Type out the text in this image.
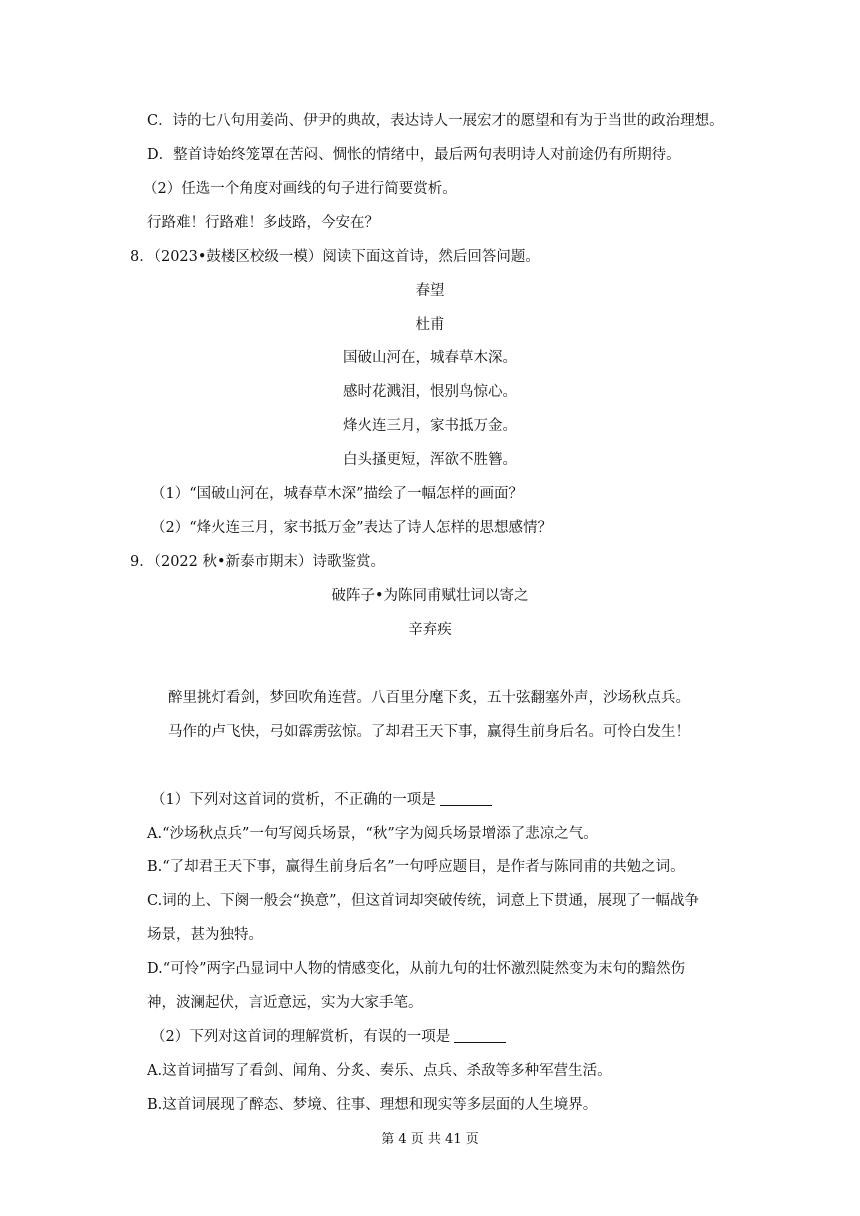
C．诗的七八句用姜尚、伊尹的典故，表达诗人一展宏才的愿望和有为于当世的政治理想。
D．整首诗始终笼罩在苦闷、惆怅的情绪中，最后两句表明诗人对前途仍有所期待。
（2）任选一个角度对画线的句子进行简要赏析。
行路难！行路难！多歧路，今安在？
8．（2023•鼓楼区校级一模）阅读下面这首诗，然后回答问题。
春望
杜甫
国破山河在，城春草木深。
感时花溅泪，恨别鸟惊心。
烽火连三月，家书抵万金。
白头搔更短，浑欲不胜簪。
（1）“国破山河在，城春草木深”描绘了一幅怎样的画面？
（2）“烽火连三月，家书抵万金”表达了诗人怎样的思想感情？
9．（2022 秋•新泰市期末）诗歌鉴赏。
破阵子•为陈同甫赋壮词以寄之
辛弃疾
醉里挑灯看剑，梦回吹角连营。八百里分麾下炙，五十弦翻塞外声，沙场秋点兵。
马作的卢飞快，弓如霹雳弦惊。了却君王天下事，赢得生前身后名。可怜白发生！
（1）下列对这首词的赏析，不正确的一项是
A.“沙场秋点兵”一句写阅兵场景，“秋”字为阅兵场景增添了悲凉之气。
B.“了却君王天下事，赢得生前身后名”一句呼应题目，是作者与陈同甫的共勉之词。
C.词的上、下阕一般会“换意”，但这首词却突破传统，词意上下贯通，展现了一幅战争
场景，甚为独特。
D.“可怜”两字凸显词中人物的情感变化，从前九句的壮怀激烈陡然变为末句的黯然伤
神，波澜起伏，言近意远，实为大家手笔。
（2）下列对这首词的理解赏析，有误的一项是
A.这首词描写了看剑、闻角、分炙、奏乐、点兵、杀敌等多种军营生活。
B.这首词展现了醉态、梦境、往事、理想和现实等多层面的人生境界。
第 4 页 共 41 页
